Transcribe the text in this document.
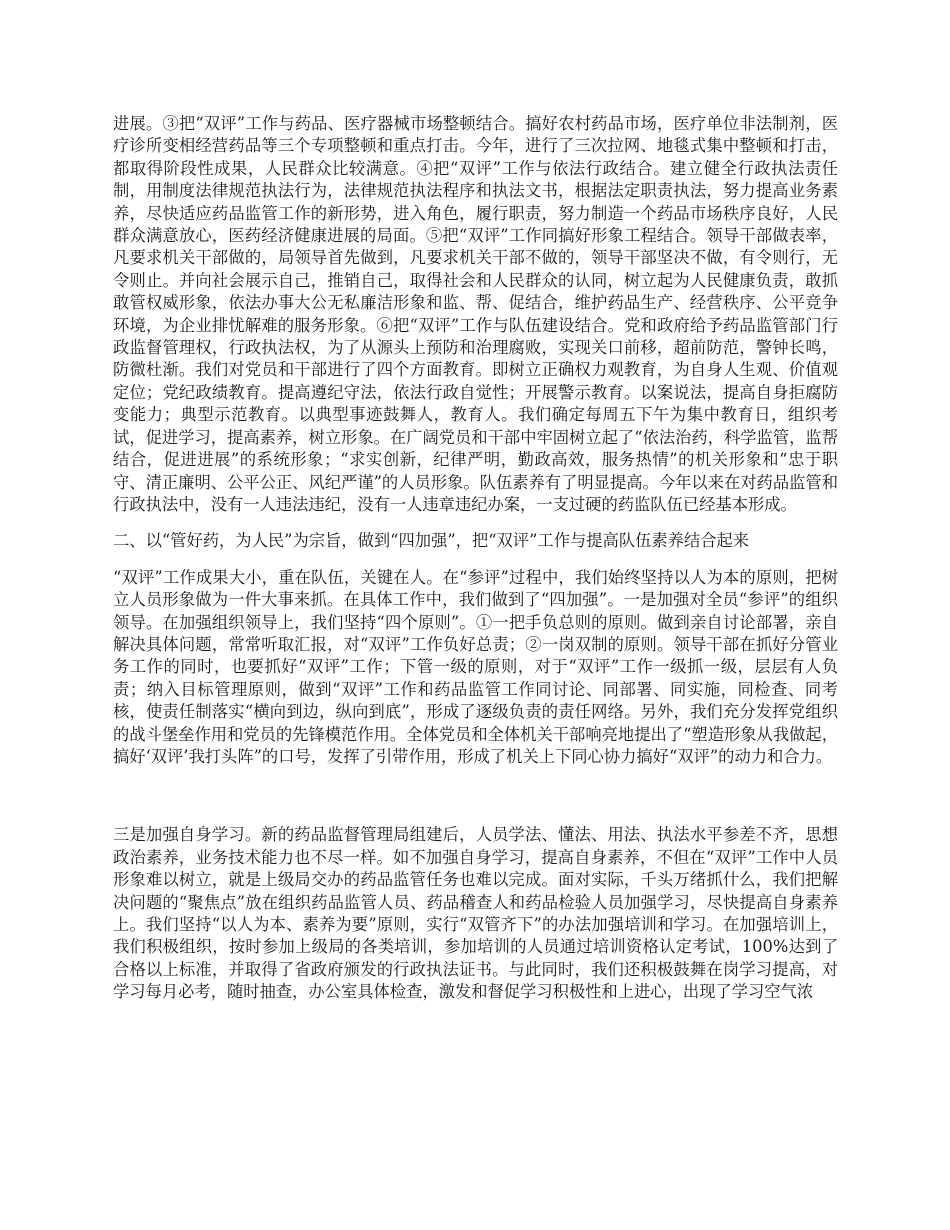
进展。③把“双评”工作与药品、医疗器械市场整顿结合。搞好农村药品市场，医疗单位非法制剂，医疗诊所变相经营药品等三个专项整顿和重点打击。今年，进行了三次拉网、地毯式集中整顿和打击，都取得阶段性成果，人民群众比较满意。④把“双评”工作与依法行政结合。建立健全行政执法责任制，用制度法律规范执法行为，法律规范执法程序和执法文书，根据法定职责执法，努力提高业务素养，尽快适应药品监管工作的新形势，进入角色，履行职责，努力制造一个药品市场秩序良好，人民群众满意放心，医药经济健康进展的局面。⑤把“双评”工作同搞好形象工程结合。领导干部做表率，凡要求机关干部做的，局领导首先做到，凡要求机关干部不做的，领导干部坚决不做，有令则行，无令则止。并向社会展示自己，推销自己，取得社会和人民群众的认同，树立起为人民健康负责，敢抓敢管权威形象，依法办事大公无私廉洁形象和监、帮、促结合，维护药品生产、经营秩序、公平竞争环境，为企业排忧解难的服务形象。⑥把“双评”工作与队伍建设结合。党和政府给予药品监管部门行政监督管理权，行政执法权，为了从源头上预防和治理腐败，实现关口前移，超前防范，警钟长鸣，防微杜渐。我们对党员和干部进行了四个方面教育。即树立正确权力观教育，为自身人生观、价值观定位；党纪政绩教育。提高遵纪守法，依法行政自觉性；开展警示教育。以案说法，提高自身拒腐防变能力；典型示范教育。以典型事迹鼓舞人，教育人。我们确定每周五下午为集中教育日，组织考试，促进学习，提高素养，树立形象。在广阔党员和干部中牢固树立起了“依法治药，科学监管，监帮结合，促进进展”的系统形象；“求实创新，纪律严明，勤政高效，服务热情”的机关形象和“忠于职守、清正廉明、公平公正、风纪严谨”的人员形象。队伍素养有了明显提高。今年以来在对药品监管和行政执法中，没有一人违法违纪，没有一人违章违纪办案，一支过硬的药监队伍已经基本形成。

二、以“管好药，为人民”为宗旨，做到“四加强”，把“双评”工作与提高队伍素养结合起来

“双评”工作成果大小，重在队伍，关键在人。在“参评”过程中，我们始终坚持以人为本的原则，把树立人员形象做为一件大事来抓。在具体工作中，我们做到了“四加强”。一是加强对全员“参评”的组织领导。在加强组织领导上，我们坚持“四个原则”。①一把手负总则的原则。做到亲自讨论部署，亲自解决具体问题，常常听取汇报，对“双评”工作负好总责；②一岗双制的原则。领导干部在抓好分管业务工作的同时，也要抓好“双评”工作；下管一级的原则，对于“双评”工作一级抓一级，层层有人负责；纳入目标管理原则，做到“双评”工作和药品监管工作同讨论、同部署、同实施，同检查、同考核，使责任制落实“横向到边，纵向到底”，形成了逐级负责的责任网络。另外，我们充分发挥党组织的战斗堡垒作用和党员的先锋模范作用。全体党员和全体机关干部响亮地提出了“塑造形象从我做起，搞好‘双评’我打头阵”的口号，发挥了引带作用，形成了机关上下同心协力搞好“双评”的动力和合力。

三是加强自身学习。新的药品监督管理局组建后，人员学法、懂法、用法、执法水平参差不齐，思想政治素养，业务技术能力也不尽一样。如不加强自身学习，提高自身素养，不但在“双评”工作中人员形象难以树立，就是上级局交办的药品监管任务也难以完成。面对实际，千头万绪抓什么，我们把解决问题的“聚焦点”放在组织药品监管人员、药品稽查人和药品检验人员加强学习，尽快提高自身素养上。我们坚持“以人为本、素养为要”原则，实行“双管齐下”的办法加强培训和学习。在加强培训上，我们积极组织，按时参加上级局的各类培训，参加培训的人员通过培训资格认定考试，100%达到了合格以上标准，并取得了省政府颁发的行政执法证书。与此同时，我们还积极鼓舞在岗学习提高，对学习每月必考，随时抽查，办公室具体检查，激发和督促学习积极性和上进心，出现了学习空气浓
